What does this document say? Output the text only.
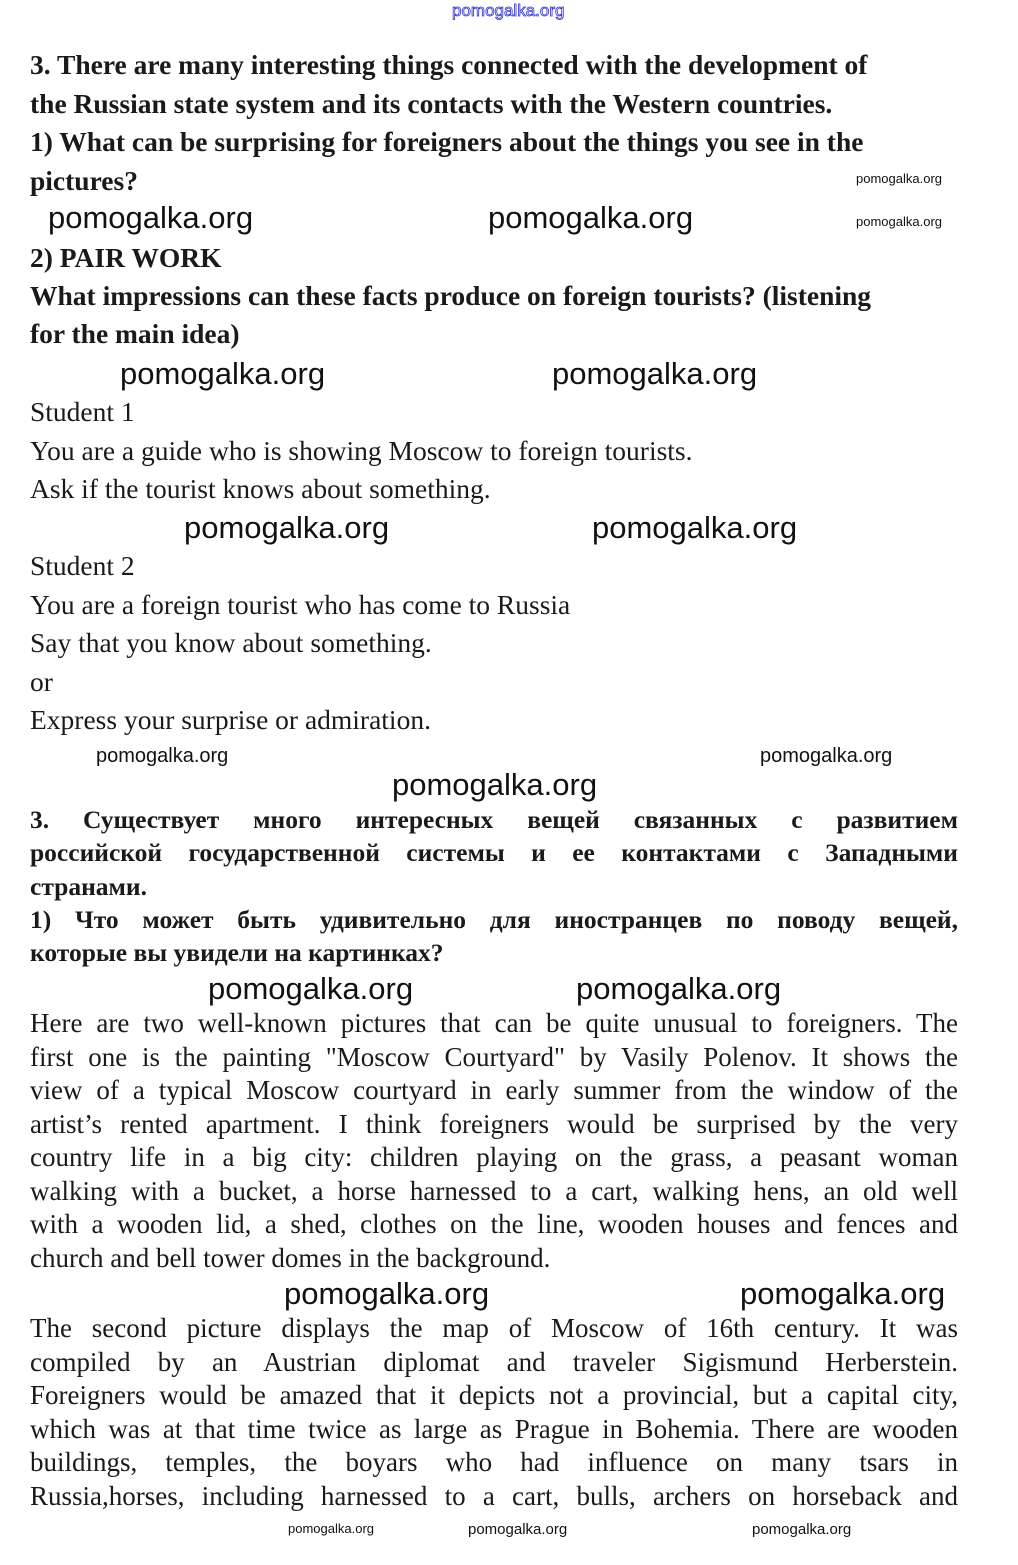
3. There are many interesting things connected with the development of
the Russian state system and its contacts with the Western countries.
1) What can be surprising for foreigners about the things you see in the
pictures?
2) PAIR WORK
What impressions can these facts produce on foreign tourists? (listening
for the main idea)
Student 1
You are a guide who is showing Moscow to foreign tourists.
Ask if the tourist knows about something.
Student 2
You are a foreign tourist who has come to Russia
Say that you know about something.
or
Express your surprise or admiration.
3. Существует много интересных вещей связанных с развитием
российской государственной системы и ее контактами с Западными
странами.
1) Что может быть удивительно для иностранцев по поводу вещей,
которые вы увидели на картинках?
Here are two well-known pictures that can be quite unusual to foreigners. The
first one is the painting "Moscow Courtyard" by Vasily Polenov. It shows the
view of a typical Moscow courtyard in early summer from the window of the
artist’s rented apartment. I think foreigners would be surprised by the very
country life in a big city: children playing on the grass, a peasant woman
walking with a bucket, a horse harnessed to a cart, walking hens, an old well
with a wooden lid, a shed, clothes on the line, wooden houses and fences and
church and bell tower domes in the background.
The second picture displays the map of Moscow of 16th century. It was
compiled by an Austrian diplomat and traveler Sigismund Herberstein.
Foreigners would be amazed that it depicts not a provincial, but a capital city,
which was at that time twice as large as Prague in Bohemia. There are wooden
buildings, temples, the boyars who had influence on many tsars in
Russia,horses, including harnessed to a cart, bulls, archers on horseback and
pomogalka.org
pomogalka.org
pomogalka.org	pomogalka.org	pomogalka.org
pomogalka.org	pomogalka.org
pomogalka.org	pomogalka.org
pomogalka.org
pomogalka.org
pomogalka.org
pomogalka.org
pomogalka.org
pomogalka.org
pomogalka.org
pomogalka.org
pomogalka.org	pomogalka.org
